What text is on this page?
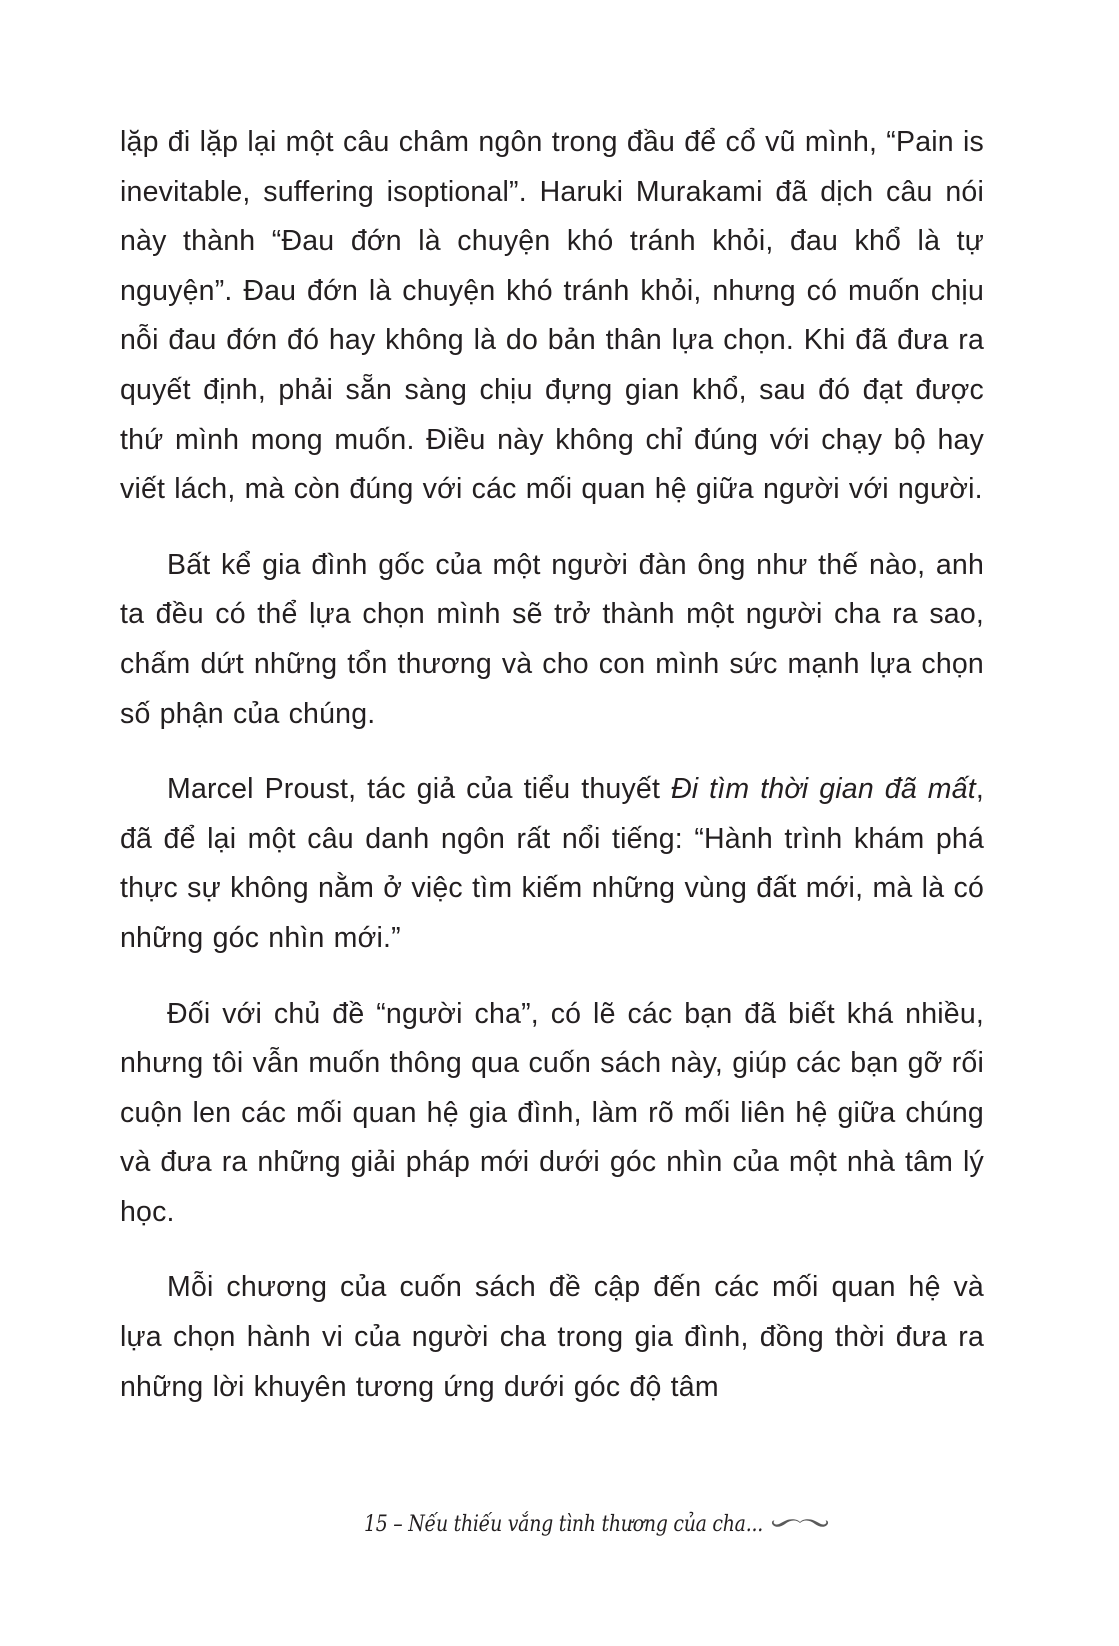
lặp đi lặp lại một câu châm ngôn trong đầu để cổ vũ mình, “Pain is inevitable, suffering isoptional”. Haruki Murakami đã dịch câu nói này thành “Đau đớn là chuyện khó tránh khỏi, đau khổ là tự nguyện”. Đau đớn là chuyện khó tránh khỏi, nhưng có muốn chịu nỗi đau đớn đó hay không là do bản thân lựa chọn. Khi đã đưa ra quyết định, phải sẵn sàng chịu đựng gian khổ, sau đó đạt được thứ mình mong muốn. Điều này không chỉ đúng với chạy bộ hay viết lách, mà còn đúng với các mối quan hệ giữa người với người.

Bất kể gia đình gốc của một người đàn ông như thế nào, anh ta đều có thể lựa chọn mình sẽ trở thành một người cha ra sao, chấm dứt những tổn thương và cho con mình sức mạnh lựa chọn số phận của chúng.

Marcel Proust, tác giả của tiểu thuyết Đi tìm thời gian đã mất, đã để lại một câu danh ngôn rất nổi tiếng: “Hành trình khám phá thực sự không nằm ở việc tìm kiếm những vùng đất mới, mà là có những góc nhìn mới.”

Đối với chủ đề “người cha”, có lẽ các bạn đã biết khá nhiều, nhưng tôi vẫn muốn thông qua cuốn sách này, giúp các bạn gỡ rối cuộn len các mối quan hệ gia đình, làm rõ mối liên hệ giữa chúng và đưa ra những giải pháp mới dưới góc nhìn của một nhà tâm lý học.

Mỗi chương của cuốn sách đề cập đến các mối quan hệ và lựa chọn hành vi của người cha trong gia đình, đồng thời đưa ra những lời khuyên tương ứng dưới góc độ tâm

15 – Nếu thiếu vắng tình thương của cha...
